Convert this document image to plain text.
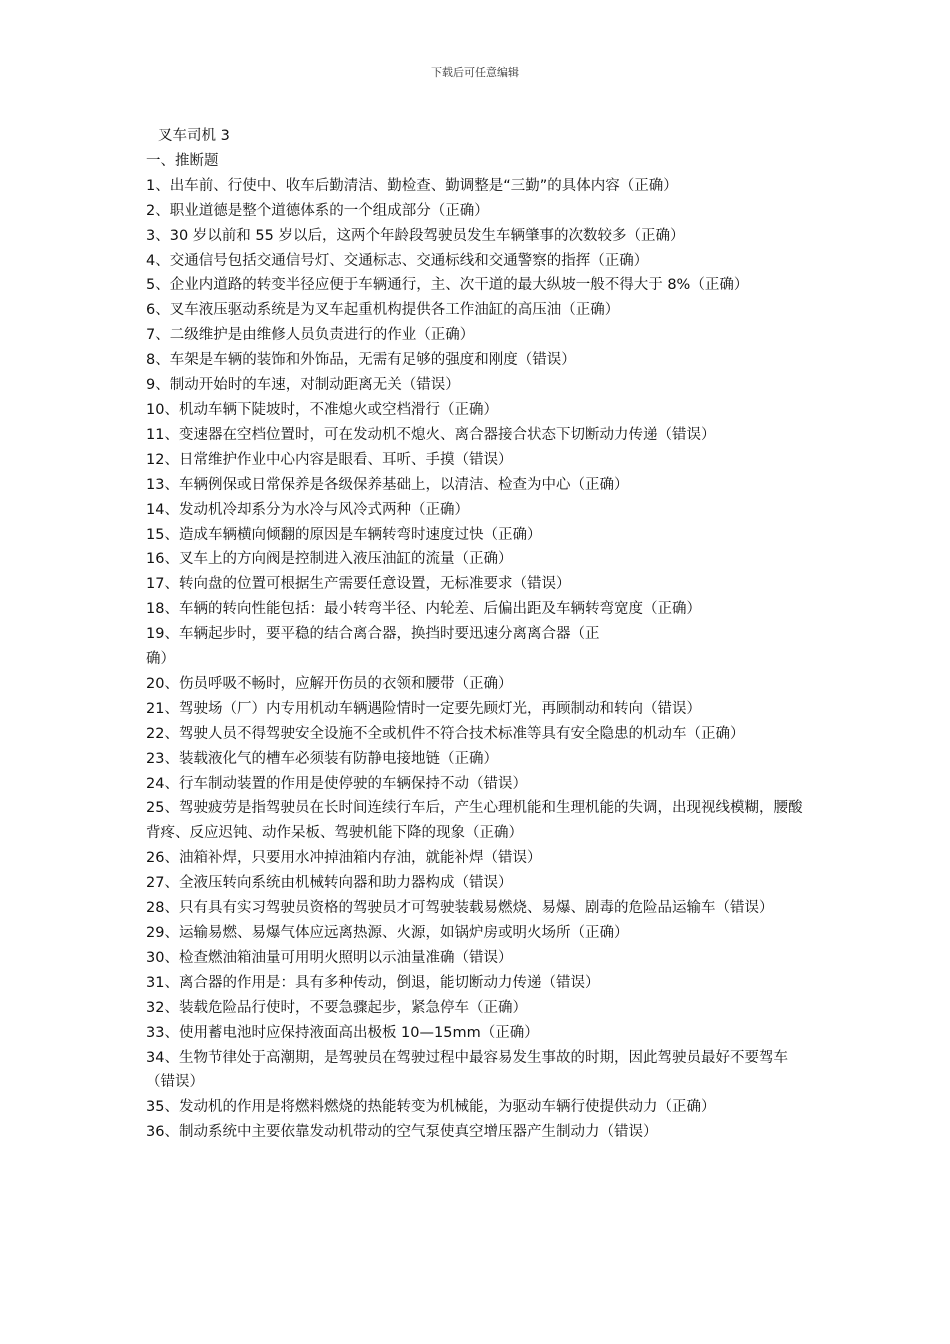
下载后可任意编辑
叉车司机 3
一、推断题
1、出车前、行使中、收车后勤清洁、勤检查、勤调整是“三勤”的具体内容（正确）
2、职业道德是整个道德体系的一个组成部分（正确）
3、30 岁以前和 55 岁以后，这两个年龄段驾驶员发生车辆肇事的次数较多（正确）
4、交通信号包括交通信号灯、交通标志、交通标线和交通警察的指挥（正确）
5、企业内道路的转变半径应便于车辆通行，主、次干道的最大纵坡一般不得大于 8%（正确）
6、叉车液压驱动系统是为叉车起重机构提供各工作油缸的高压油（正确）
7、二级维护是由维修人员负责进行的作业（正确）
8、车架是车辆的装饰和外饰品，无需有足够的强度和刚度（错误）
9、制动开始时的车速，对制动距离无关（错误）
10、机动车辆下陡坡时，不准熄火或空档滑行（正确）
11、变速器在空档位置时，可在发动机不熄火、离合器接合状态下切断动力传递（错误）
12、日常维护作业中心内容是眼看、耳听、手摸（错误）
13、车辆例保或日常保养是各级保养基础上，以清洁、检查为中心（正确）
14、发动机冷却系分为水冷与风冷式两种（正确）
15、造成车辆横向倾翻的原因是车辆转弯时速度过快（正确）
16、叉车上的方向阀是控制进入液压油缸的流量（正确）
17、转向盘的位置可根据生产需要任意设置，无标准要求（错误）
18、车辆的转向性能包括：最小转弯半径、内轮差、后偏出距及车辆转弯宽度（正确）
19、车辆起步时，要平稳的结合离合器，换挡时要迅速分离离合器（正
确）
20、伤员呼吸不畅时，应解开伤员的衣领和腰带（正确）
21、驾驶场（厂）内专用机动车辆遇险情时一定要先顾灯光，再顾制动和转向（错误）
22、驾驶人员不得驾驶安全设施不全或机件不符合技术标准等具有安全隐患的机动车（正确）
23、装载液化气的槽车必须装有防静电接地链（正确）
24、行车制动装置的作用是使停驶的车辆保持不动（错误）
25、驾驶疲劳是指驾驶员在长时间连续行车后，产生心理机能和生理机能的失调，出现视线模糊，腰酸背疼、反应迟钝、动作呆板、驾驶机能下降的现象（正确）
26、油箱补焊，只要用水冲掉油箱内存油，就能补焊（错误）
27、全液压转向系统由机械转向器和助力器构成（错误）
28、只有具有实习驾驶员资格的驾驶员才可驾驶装载易燃烧、易爆、剧毒的危险品运输车（错误）
29、运输易燃、易爆气体应远离热源、火源，如锅炉房或明火场所（正确）
30、检查燃油箱油量可用明火照明以示油量准确（错误）
31、离合器的作用是：具有多种传动，倒退，能切断动力传递（错误）
32、装载危险品行使时，不要急骤起步，紧急停车（正确）
33、使用蓄电池时应保持液面高出极板 10—15mm（正确）
34、生物节律处于高潮期，是驾驶员在驾驶过程中最容易发生事故的时期，因此驾驶员最好不要驾车（错误）
35、发动机的作用是将燃料燃烧的热能转变为机械能，为驱动车辆行使提供动力（正确）
36、制动系统中主要依靠发动机带动的空气泵使真空增压器产生制动力（错误）
